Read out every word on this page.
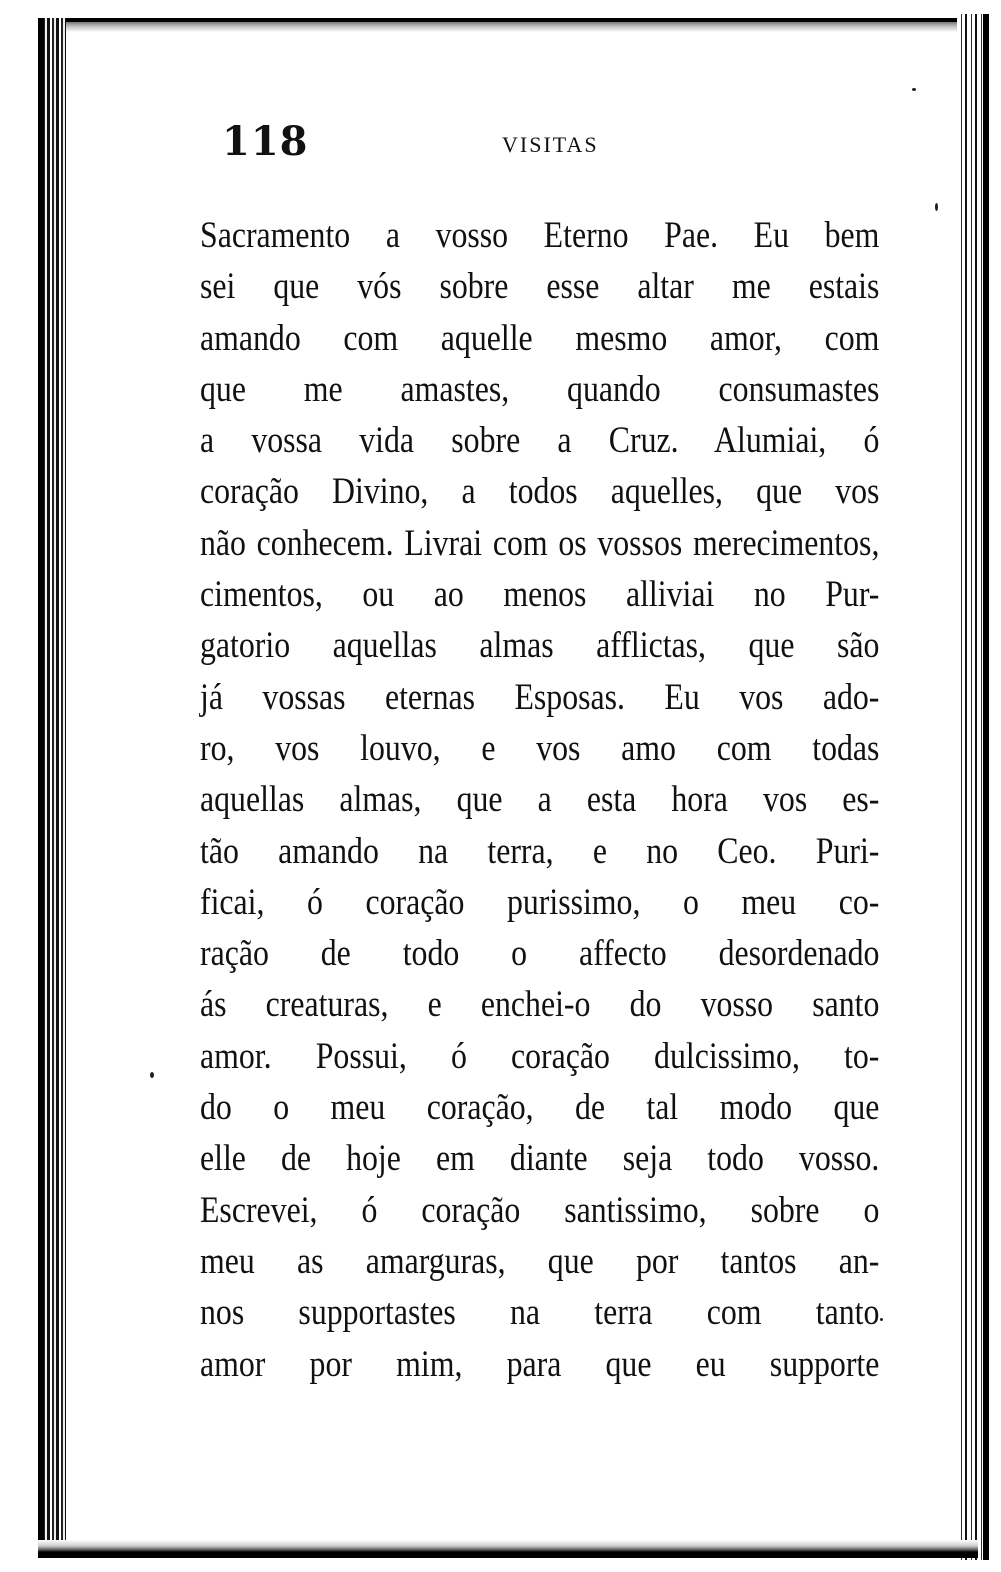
118	VISITAS
Sacramento a vosso Eterno Pae. Eu bem
sei que vós sobre esse altar me estais
amando com aquelle mesmo amor, com
que me amastes, quando consumastes
a vossa vida sobre a Cruz. Alumiai, ó
coração Divino, a todos aquelles, que vos
não conhecem. Livrai com os vossos merecimentos,
cimentos, ou ao menos alliviai no Pur-
gatorio aquellas almas afflictas, que são
já vossas eternas Esposas. Eu vos ado-
ro, vos louvo, e vos amo com todas
aquellas almas, que a esta hora vos es-
tão amando na terra, e no Ceo. Puri-
ficai, ó coração purissimo, o meu co-
ração de todo o affecto desordenado
ás creaturas, e enchei-o do vosso santo
amor. Possui, ó coração dulcissimo, to-
do o meu coração, de tal modo que
elle de hoje em diante seja todo vosso.
Escrevei, ó coração santissimo, sobre o
meu as amarguras, que por tantos an-
nos supportastes na terra com tanto
amor por mim, para que eu supporte
